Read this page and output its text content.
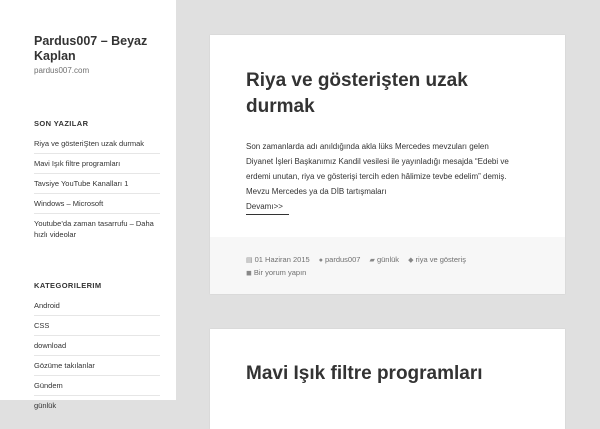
Pardus007 – Beyaz Kaplan
pardus007.com
SON YAZILAR
Riya ve gösteriŞten uzak durmak
Mavi Işık filtre programları
Tavsiye YouTube Kanalları 1
Windows – Microsoft
Youtube’da zaman tasarrufu – Daha hızlı videolar
KATEGORILERIM
Android
CSS
download
Gözüme takılanlar
Gündem
günlük
Riya ve gösterişten uzak durmak
Son zamanlarda adı anıldığında akla lüks Mercedes mevzuları gelen Diyanet İşleri Başkanımız Kandil vesilesi ile yayınladığı mesajda “Edebi ve erdemi unutan, riya ve gösterişi tercih eden hâlimize tevbe edelim” demiş. Mevzu Mercedes ya da DİB tartışmaları
Devamı>>
▤ 01 Haziran 2015 ● pardus007 ▰ günlük ◆ riya ve gösteriş
◼ Bir yorum yapın
Mavi Işık filtre programları
